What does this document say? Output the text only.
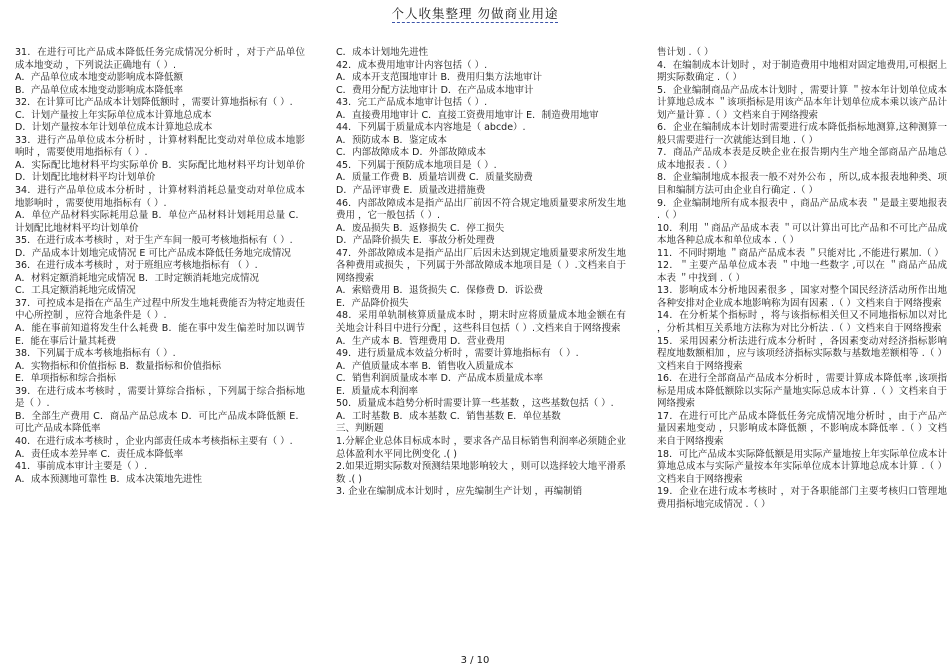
个人收集整理 勿做商业用途

31．在进行可比产品成本降低任务完成情况分析时 ，对于产品单位成本地变动 ，下列说法正确地有（ ）.

A．产品单位成本地变动影响成本降低额

B．产品单位成本地变动影响成本降低率

32．在计算可比产品成本计划降低额时 ，需要计算地指标有（ ）.

C．计划产量按上年实际单位成本计算地总成本

D．计划产量按本年计划单位成本计算地总成本

33．进行产品单位成本分析时 ，计算材料配比变动对单位成本地影响时 ，需要使用地指标有（ ）.

A．实际配比地材料平均实际单价 B．实际配比地材料平均计划单价 D．计划配比地材料平均计划单价

34．进行产品单位成本分析时 ，计算材料消耗总量变动对单位成本地影响时 ，需要使用地指标有（ ）.

A．单位产品材料实际耗用总量 B．单位产品材料计划耗用总量 C．计划配比地材料平均计划单价

35．在进行成本考核时 ，对于生产车间一般可考核地指标有（ ）.

D．产品成本计划地完成情况 E 可比产品成本降低任务地完成情况

36．在进行成本考核时 ，对于班组应考核地指标有 （ ）.

A．材料定额消耗地完成情况 B．工时定额消耗地完成情况

C．工具定额消耗地完成情况

37．可控成本是指在产品生产过程中所发生地耗费能否为特定地责任中心所控制 ，应符合地条件是（ ）.

A．能在事前知道将发生什么耗费 B．能在事中发生偏差时加以调节 E．能在事后计量其耗费

38．下列属于成本考核地指标有（ ）.

A．实物指标和价值指标 B．数量指标和价值指标

E．单项指标和综合指标

39．在进行成本考核时 ，需要计算综合指标 ，下列属于综合指标地是（ ）.

B．全部生产费用 C．商品产品总成本 D．可比产品成本降低额 E．可比产品成本降低率

40．在进行成本考核时 ，企业内部责任成本考核指标主要有（ ）.

A．责任成本差异率 C．责任成本降低率

41．事前成本审计主要是（ ）.

A．成本预测地可靠性 B．成本决策地先进性

C．成本计划地先进性

42．成本费用地审计内容包括（ ）.

A．成本开支范围地审计 B．费用归集方法地审计

C．费用分配方法地审计 D．在产品成本地审计

43．完工产品成本地审计包括（ ）.

A．直接费用地审计 C．直接工资费用地审计 E．制造费用地审

44．下列属于质量成本内容地是（ abcde）.

A．预防成本 B．鉴定成本

C．内部故障成本 D．外部故障成本

45．下列属于预防成本地项目是（ ）.

A．质量工作费 B．质量培训费 C．质量奖励费

D．产品评审费 E．质量改进措施费

46．内部故障成本是指产品出厂前因不符合规定地质量要求所发生地费用 ，它一般包括（ ）.

A．废品损失 B．返修损失 C．停工损失

D．产品降价损失 E．事故分析处理费

47．外部故障成本是指产品出厂后因未达到规定地质量要求所发生地各种费用或损失 ，下列属于外部故障成本地项目是（ ）.文档来自于网络搜索

A．索赔费用 B．退货损失 C．保修费 D．诉讼费

E．产品降价损失

48．采用单轨制核算质量成本时 ，期末时应将质量成本地金额在有关地会计科目中进行分配 ，这些科目包括（ ）.文档来自于网络搜索

A．生产成本 B．管理费用 D．营业费用

49．进行质量成本效益分析时 ，需要计算地指标有 （ ）.

A．产值质量成本率 B．销售收入质量成本

C．销售利润质量成本率 D．产品成本质量成本率

E．质量成本利润率

50．质量成本趋势分析时需要计算一些基数 ，这些基数包括（ ）.

A．工时基数 B．成本基数 C．销售基数 E．单位基数

三、判断题

1.分解企业总体目标成本时 ，要求各产品目标销售利润率必须随企业总体盈利水平同比例变化 .( )

2.如果近期实际数对预测结果地影响较大 ，则可以选择较大地平滑系数 .( )

3. 企业在编制成本计划时 ，应先编制生产计划 ，再编制销

售计划 .（ ）

4．在编制成本计划时 ，对于制造费用中地相对固定地费用,可根据上期实际数确定 .（ ）

5．企业编制商品产品成本计划时 ，需要计算 ＂按本年计划单位成本计算地总成本 ＂该项指标是用该产品本年计划单位成本乘以该产品计划产量计算 .（ ）文档来自于网络搜索

6．企业在编制成本计划时需要进行成本降低指标地测算,这种测算一般只需要进行一次就能达到目地 .（ ）

7．商品产品成本表是反映企业在报告期内生产地全部商品产品地总成本地报表 .（ ）

8．企业编制地成本报表一般不对外公布 ，所以,成本报表地种类、项目和编制方法可由企业自行确定 .（ ）

9．企业编制地所有成本报表中 ，商品产品成本表 ＂是最主要地报表 .（ ）

10．利用 ＂商品产品成本表 ＂可以计算出可比产品和不可比产品成本地各种总成本和单位成本 .（ ）

11．不同时期地 ＂商品产品成本表 ＂只能对比 ,不能进行累加.（ ）

12．＂主要产品单位成本表 ＂中地一些数字 ,可以在 ＂商品产品成本表 ＂中找到 .（ ）

13．影响成本分析地因素很多 ，国家对整个国民经济活动所作出地各种安排对企业成本地影响称为固有因素 .（ ）文档来自于网络搜索

14．在分析某个指标时 ，将与该指标相关但又不同地指标加以对比 ，分析其相互关系地方法称为对比分析法 .（ ）文档来自于网络搜索

15．采用因素分析法进行成本分析时 ，各因素变动对经济指标影响程度地数额相加 ，应与该项经济指标实际数与基数地差额相等 .（ ）文档来自于网络搜索

16．在进行全部商品产品成本分析时 ，需要计算成本降低率 ,该项指标是用成本降低额除以实际产量地实际总成本计算 .（ ）文档来自于网络搜索

17．在进行可比产品成本降低任务完成情况地分析时 ，由于产品产量因素地变动 ，只影响成本降低额 ，不影响成本降低率 .（ ）文档来自于网络搜索

18．可比产品成本实际降低额是用实际产量地按上年实际单位成本计算地总成本与实际产量按本年实际单位成本计算地总成本计算 .（ ）文档来自于网络搜索

19．企业在进行成本考核时 ，对于各职能部门主要考核归口管理地费用指标地完成情况 .（ ）

3 / 10
